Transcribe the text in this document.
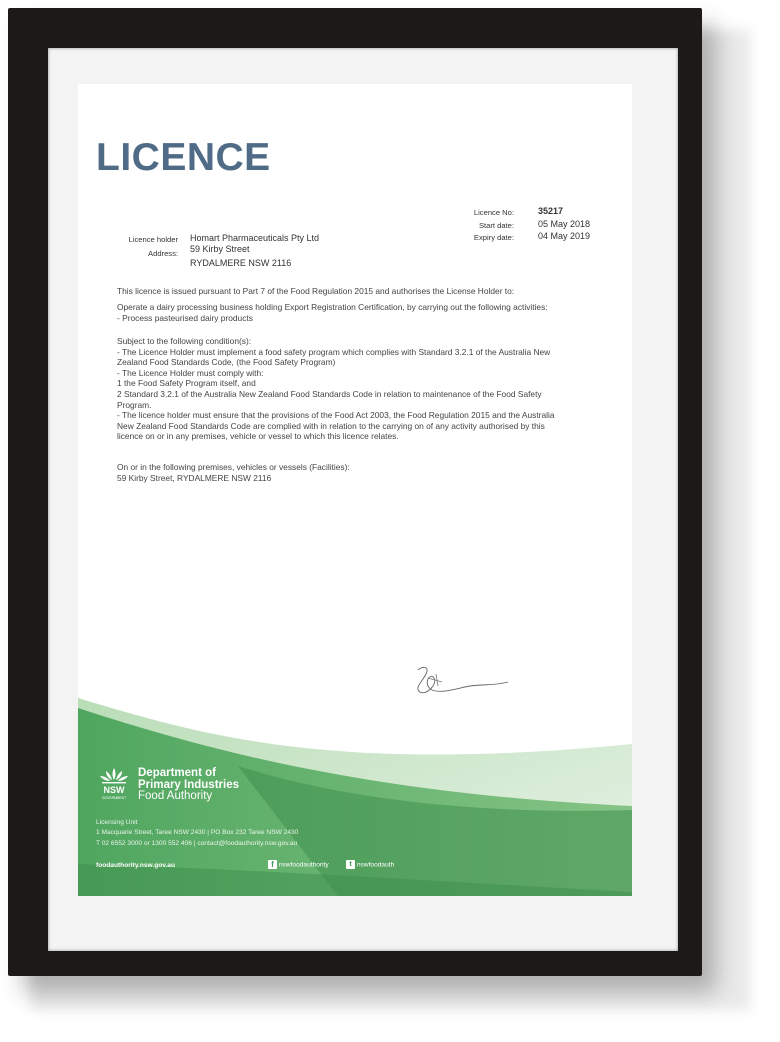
LICENCE
Licence No:	35217
Start date:	05 May 2018
Expiry date:	04 May 2019
Licence holder Homart Pharmaceuticals Pty Ltd
Address: 59 Kirby Street
RYDALMERE NSW 2116
This licence is issued pursuant to Part 7 of the Food Regulation 2015 and authorises the License Holder to:
Operate a dairy processing business holding Export Registration Certification, by carrying out the following activities:
- Process pasteurised dairy products
Subject to the following condition(s):
- The Licence Holder must implement a food safety program which complies with Standard 3.2.1 of the Australia New
Zealand Food Standards Code, (the Food Safety Program)
- The Licence Holder must comply with:
1 the Food Safety Program itself, and
2 Standard 3.2.1 of the Australia New Zealand Food Standards Code in relation to maintenance of the Food Safety
Program.
- The licence holder must ensure that the provisions of the Food Act 2003, the Food Regulation 2015 and the Australia
New Zealand Food Standards Code are complied with in relation to the carrying on of any activity authorised by this
licence on or in any premises, vehicle or vessel to which this licence relates.
On or in the following premises, vehicles or vessels (Facilities):
59 Kirby Street, RYDALMERE NSW 2116
NSW
GOVERNMENT
Department of
Primary Industries
Food Authority
Licensing Unit
1 Macquarie Street, Taree NSW 2430 | PO Box 232 Taree NSW 2430
T 02 6552 3000 or 1300 552 406 | contact@foodauthority.nsw.gov.au
foodauthority.nsw.gov.au	f nswfoodauthority	t nswfoodauth
